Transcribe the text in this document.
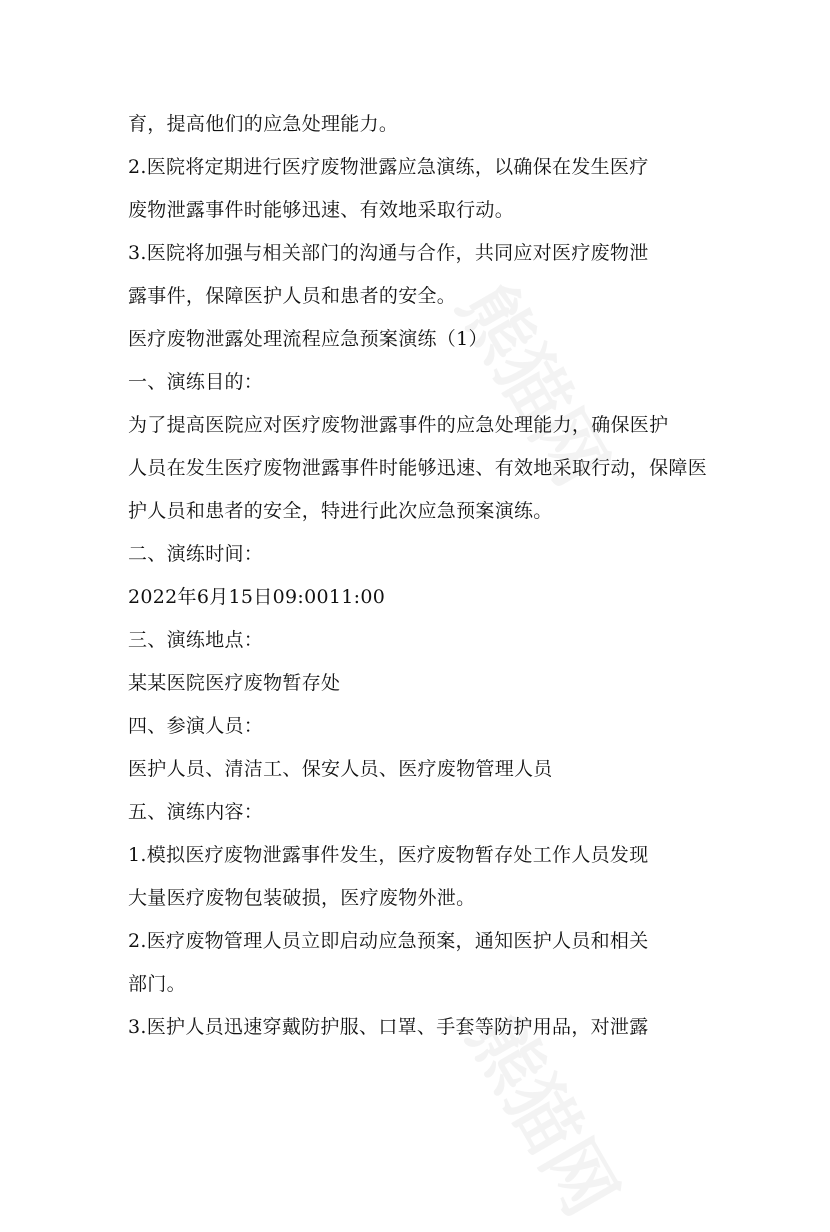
育，提高他们的应急处理能力。
2.医院将定期进行医疗废物泄露应急演练，以确保在发生医疗
废物泄露事件时能够迅速、有效地采取行动。
3.医院将加强与相关部门的沟通与合作，共同应对医疗废物泄
露事件，保障医护人员和患者的安全。
医疗废物泄露处理流程应急预案演练（1）
一、演练目的：
为了提高医院应对医疗废物泄露事件的应急处理能力，确保医护
人员在发生医疗废物泄露事件时能够迅速、有效地采取行动，保障医
护人员和患者的安全，特进行此次应急预案演练。
二、演练时间：
2022年6月15日09:0011:00
三、演练地点：
某某医院医疗废物暂存处
四、参演人员：
医护人员、清洁工、保安人员、医疗废物管理人员
五、演练内容：
1.模拟医疗废物泄露事件发生，医疗废物暂存处工作人员发现
大量医疗废物包装破损，医疗废物外泄。
2.医疗废物管理人员立即启动应急预案，通知医护人员和相关
部门。
3.医护人员迅速穿戴防护服、口罩、手套等防护用品，对泄露
